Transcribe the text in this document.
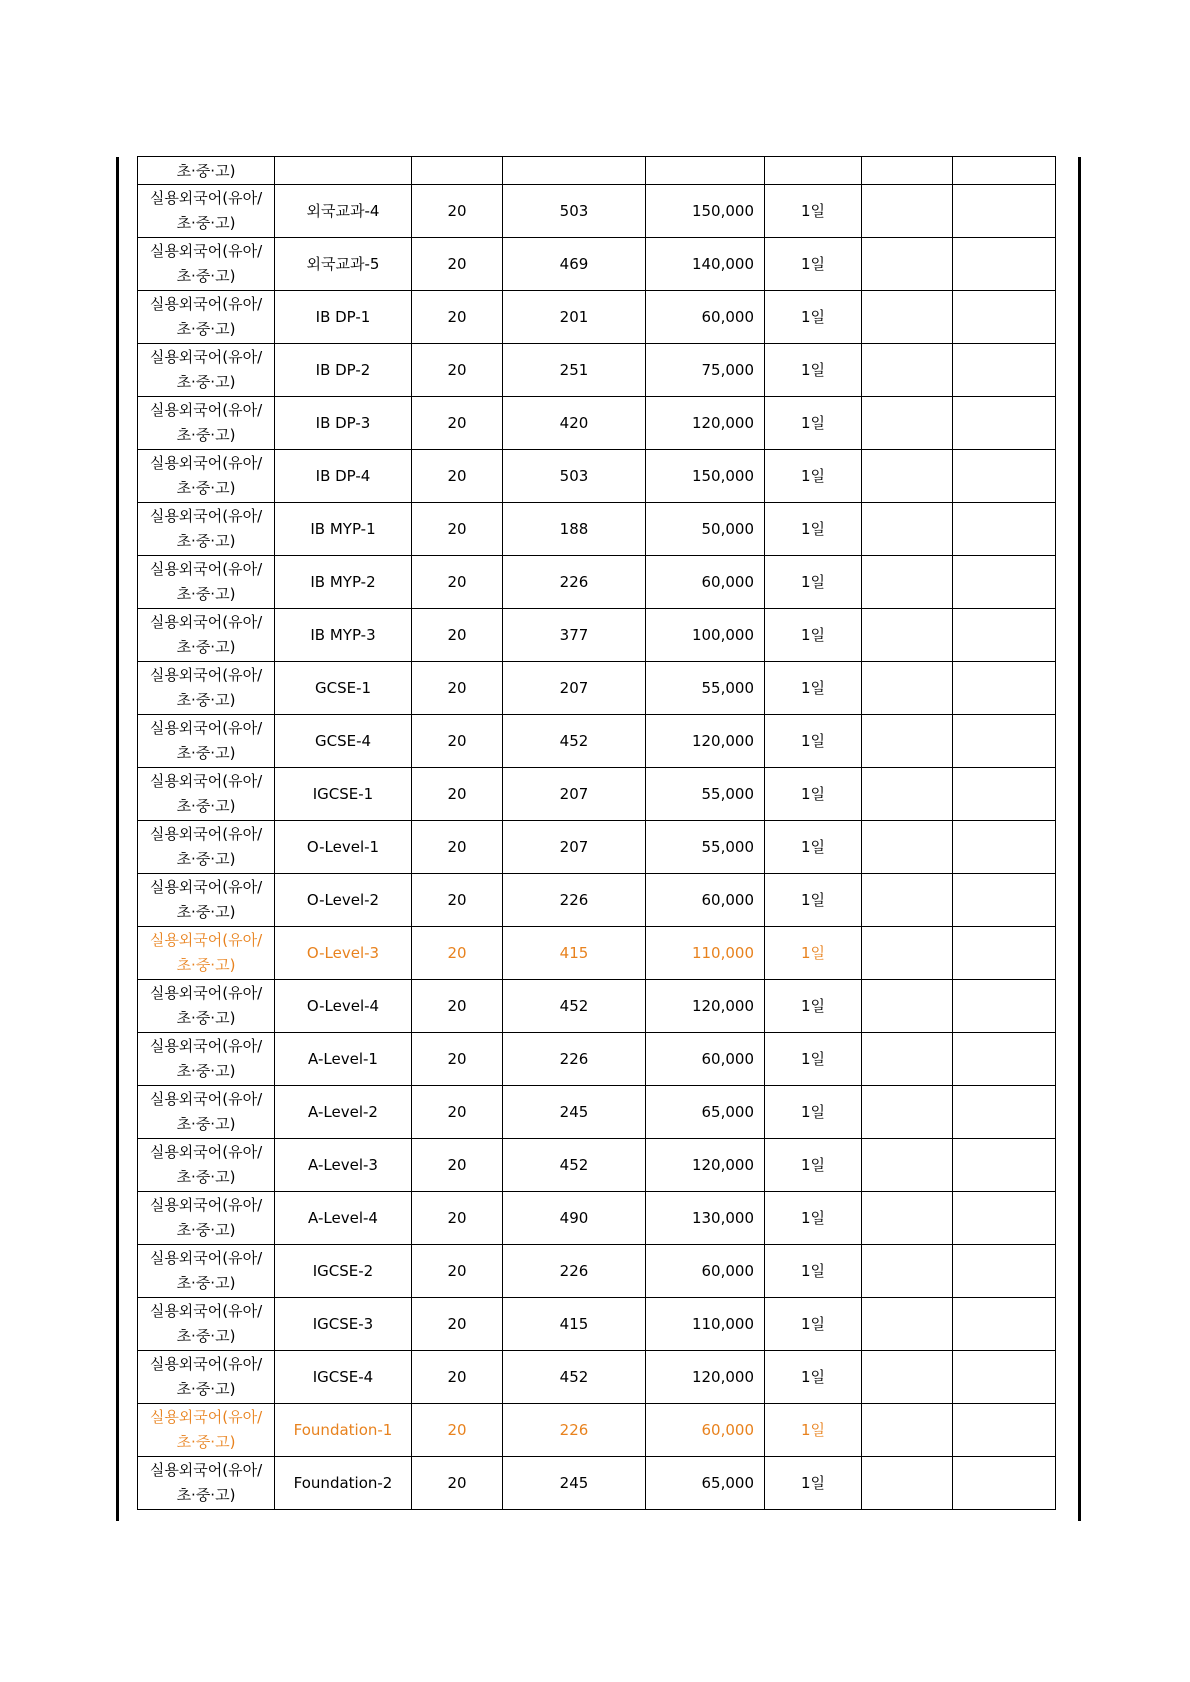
초·중·고)							

실용외국어(유아/
초·중·고)	외국교과-4	20	503	150,000	1일		

실용외국어(유아/
초·중·고)	외국교과-5	20	469	140,000	1일		

실용외국어(유아/
초·중·고)	IB DP-1	20	201	60,000	1일		

실용외국어(유아/
초·중·고)	IB DP-2	20	251	75,000	1일		

실용외국어(유아/
초·중·고)	IB DP-3	20	420	120,000	1일		

실용외국어(유아/
초·중·고)	IB DP-4	20	503	150,000	1일		

실용외국어(유아/
초·중·고)	IB MYP-1	20	188	50,000	1일		

실용외국어(유아/
초·중·고)	IB MYP-2	20	226	60,000	1일		

실용외국어(유아/
초·중·고)	IB MYP-3	20	377	100,000	1일		

실용외국어(유아/
초·중·고)	GCSE-1	20	207	55,000	1일		

실용외국어(유아/
초·중·고)	GCSE-4	20	452	120,000	1일		

실용외국어(유아/
초·중·고)	IGCSE-1	20	207	55,000	1일		

실용외국어(유아/
초·중·고)	O-Level-1	20	207	55,000	1일		

실용외국어(유아/
초·중·고)	O-Level-2	20	226	60,000	1일		

실용외국어(유아/
초·중·고)	O-Level-3	20	415	110,000	1일		

실용외국어(유아/
초·중·고)	O-Level-4	20	452	120,000	1일		

실용외국어(유아/
초·중·고)	A-Level-1	20	226	60,000	1일		

실용외국어(유아/
초·중·고)	A-Level-2	20	245	65,000	1일		

실용외국어(유아/
초·중·고)	A-Level-3	20	452	120,000	1일		

실용외국어(유아/
초·중·고)	A-Level-4	20	490	130,000	1일		

실용외국어(유아/
초·중·고)	IGCSE-2	20	226	60,000	1일		

실용외국어(유아/
초·중·고)	IGCSE-3	20	415	110,000	1일		

실용외국어(유아/
초·중·고)	IGCSE-4	20	452	120,000	1일		

실용외국어(유아/
초·중·고)	Foundation-1	20	226	60,000	1일		

실용외국어(유아/
초·중·고)	Foundation-2	20	245	65,000	1일		
